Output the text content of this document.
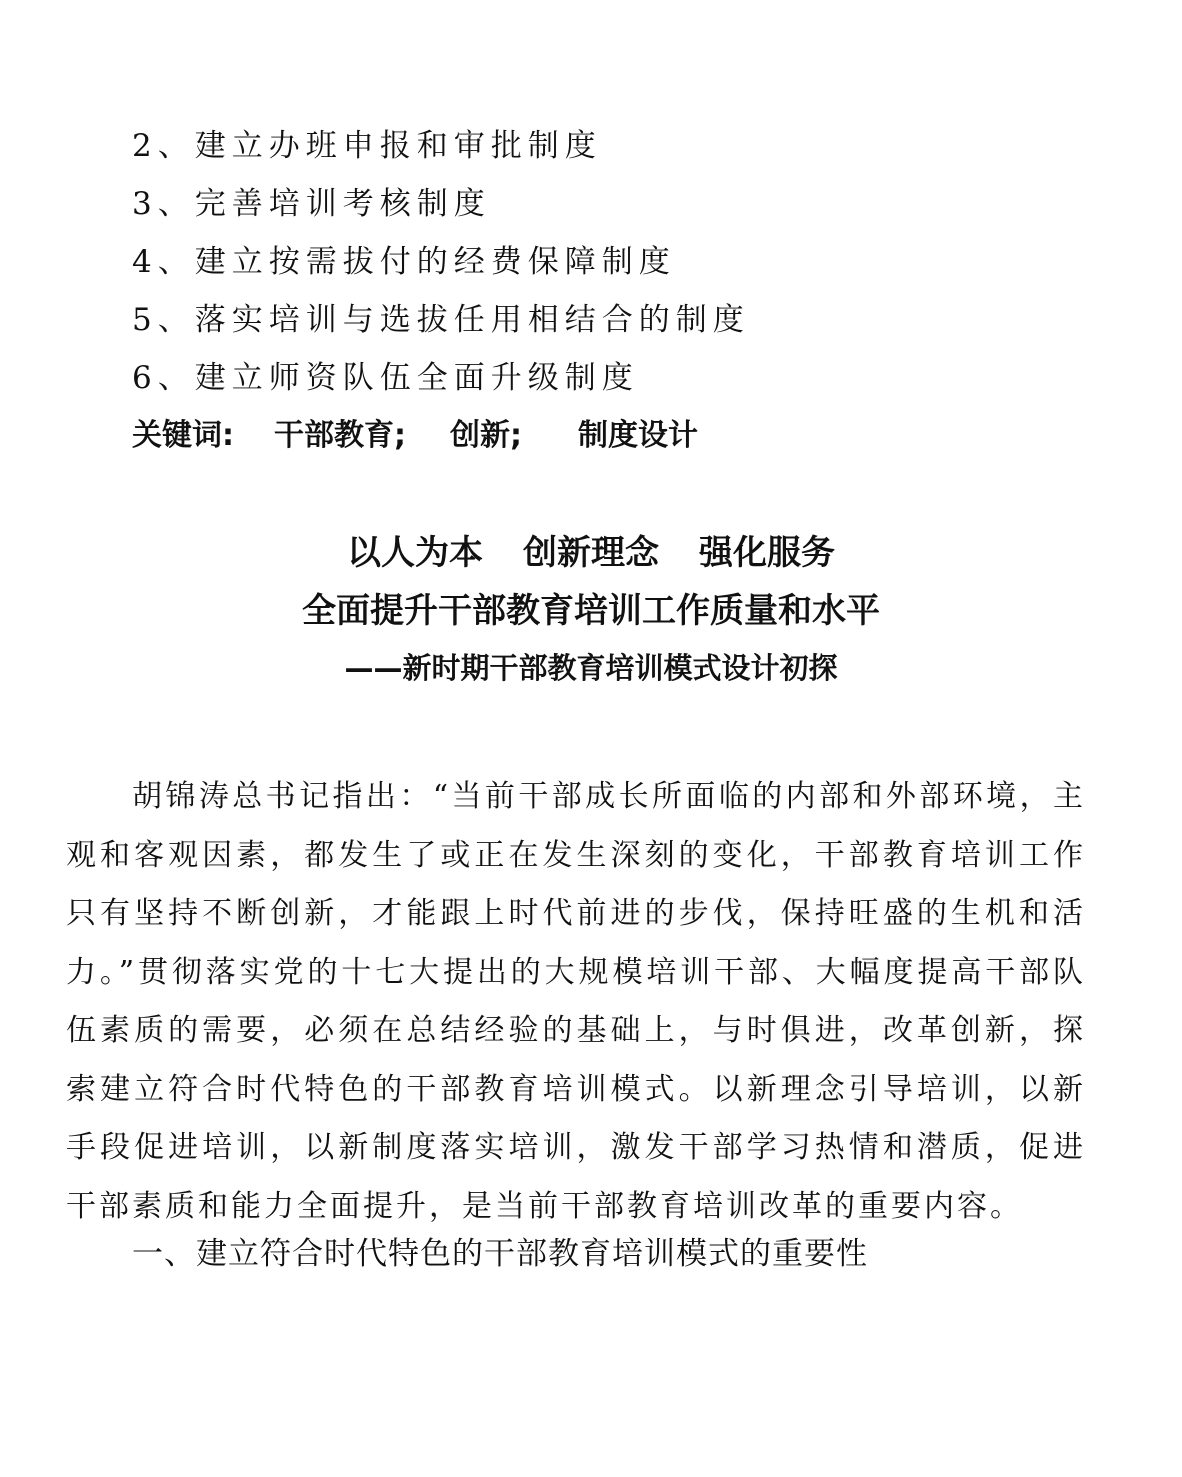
2、建立办班申报和审批制度
3、完善培训考核制度
4、建立按需拔付的经费保障制度
5、落实培训与选拔任用相结合的制度
6、建立师资队伍全面升级制度
关键词: 干部教育; 创新; 制度设计
以人为本 创新理念 强化服务
全面提升干部教育培训工作质量和水平
——新时期干部教育培训模式设计初探

胡锦涛总书记指出：“当前干部成长所面临的内部和外部环境，主观和客观因素，都发生了或正在发生深刻的变化，干部教育培训工作只有坚持不断创新，才能跟上时代前进的步伐，保持旺盛的生机和活力。”贯彻落实党的十七大提出的大规模培训干部、大幅度提高干部队伍素质的需要，必须在总结经验的基础上，与时俱进，改革创新，探索建立符合时代特色的干部教育培训模式。以新理念引导培训，以新手段促进培训，以新制度落实培训，激发干部学习热情和潜质，促进干部素质和能力全面提升，是当前干部教育培训改革的重要内容。

一、建立符合时代特色的干部教育培训模式的重要性
